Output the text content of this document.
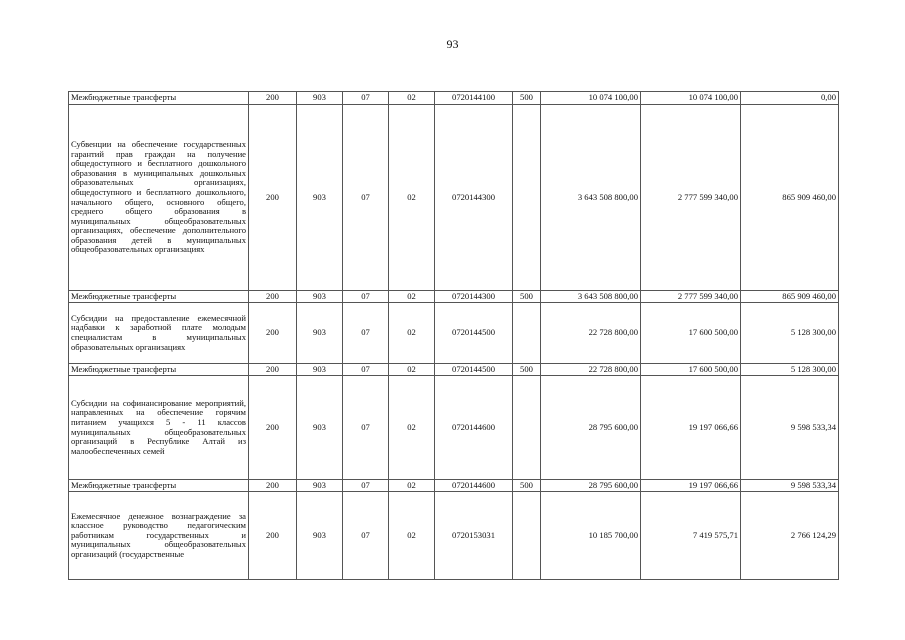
93
Межбюджетные трансферты	200	903	07	02	0720144100	500	10 074 100,00	10 074 100,00	0,00
Субвенции на обеспечение государственных гарантий прав граждан на получение общедоступного и бесплатного дошкольного образования в муниципальных дошкольных образовательных организациях, общедоступного и бесплатного дошкольного, начального общего, основного общего, среднего общего образования в муниципальных общеобразовательных организациях, обеспечение дополнительного образования детей в муниципальных общеобразовательных организациях	200	903	07	02	0720144300		3 643 508 800,00	2 777 599 340,00	865 909 460,00
Межбюджетные трансферты	200	903	07	02	0720144300	500	3 643 508 800,00	2 777 599 340,00	865 909 460,00
Субсидии на предоставление ежемесячной надбавки к заработной плате молодым специалистам в муниципальных образовательных организациях	200	903	07	02	0720144500		22 728 800,00	17 600 500,00	5 128 300,00
Межбюджетные трансферты	200	903	07	02	0720144500	500	22 728 800,00	17 600 500,00	5 128 300,00
Субсидии на софинансирование мероприятий, направленных на обеспечение горячим питанием учащихся 5 - 11 классов муниципальных общеобразовательных организаций в Республике Алтай из малообеспеченных семей	200	903	07	02	0720144600		28 795 600,00	19 197 066,66	9 598 533,34
Межбюджетные трансферты	200	903	07	02	0720144600	500	28 795 600,00	19 197 066,66	9 598 533,34
Ежемесячное денежное вознаграждение за классное руководство педагогическим работникам государственных и муниципальных общеобразовательных организаций (государственные	200	903	07	02	0720153031		10 185 700,00	7 419 575,71	2 766 124,29
